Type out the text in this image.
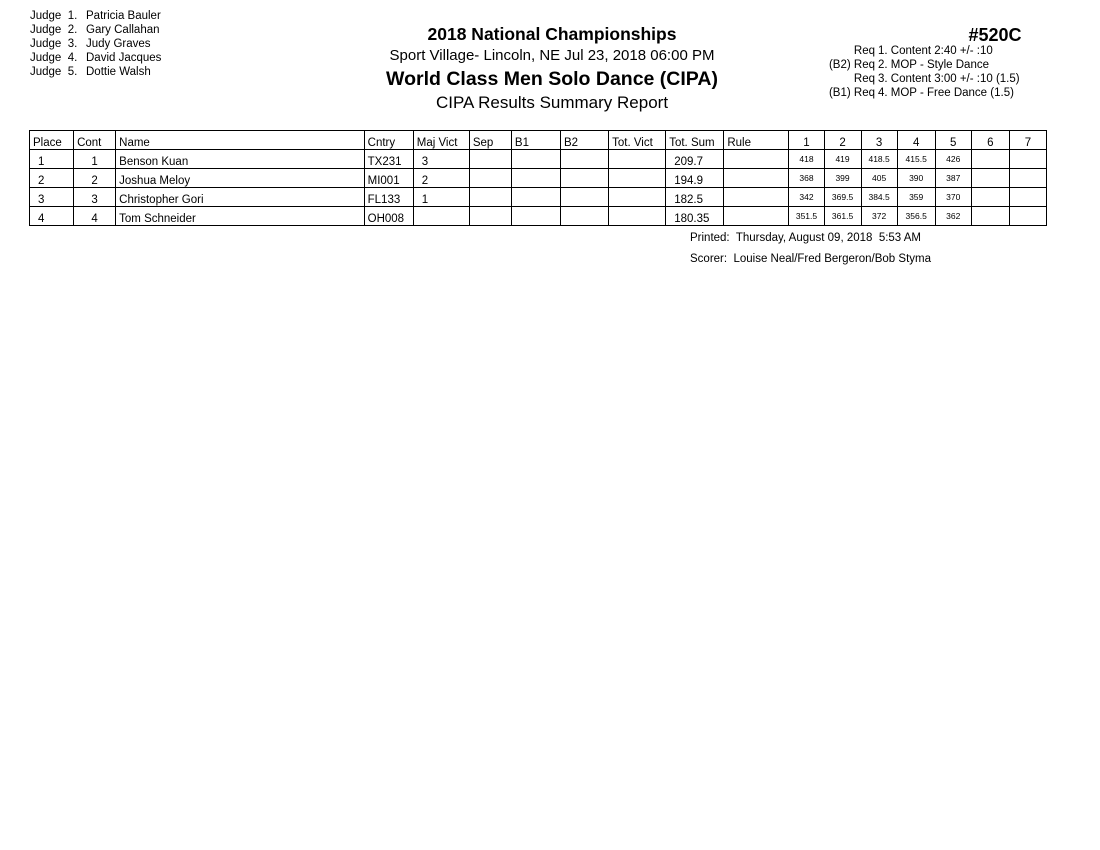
Judge  1. Patricia Bauler
Judge  2. Gary Callahan
Judge  3. Judy Graves
Judge  4. David Jacques
Judge  5. Dottie Walsh
2018 National Championships
Sport Village- Lincoln, NE Jul 23, 2018 06:00 PM
World Class Men Solo Dance (CIPA)
CIPA Results Summary Report
#520C
Req 1. Content 2:40 +/- :10
(B2) Req 2. MOP - Style Dance
Req 3. Content 3:00 +/- :10 (1.5)
(B1) Req 4. MOP - Free Dance (1.5)
Place	Cont	Name	Cntry	Maj Vict	Sep	B1	B2	Tot. Vict	Tot. Sum	Rule	1	2	3	4	5	6	7
1	1	Benson Kuan	TX231	3					209.7		418	419	418.5	415.5	426		
2	2	Joshua Meloy	MI001	2					194.9		368	399	405	390	387		
3	3	Christopher Gori	FL133	1					182.5		342	369.5	384.5	359	370		
4	4	Tom Schneider	OH008						180.35		351.5	361.5	372	356.5	362		
Printed:  Thursday, August 09, 2018  5:53 AM
Scorer:  Louise Neal/Fred Bergeron/Bob Styma
